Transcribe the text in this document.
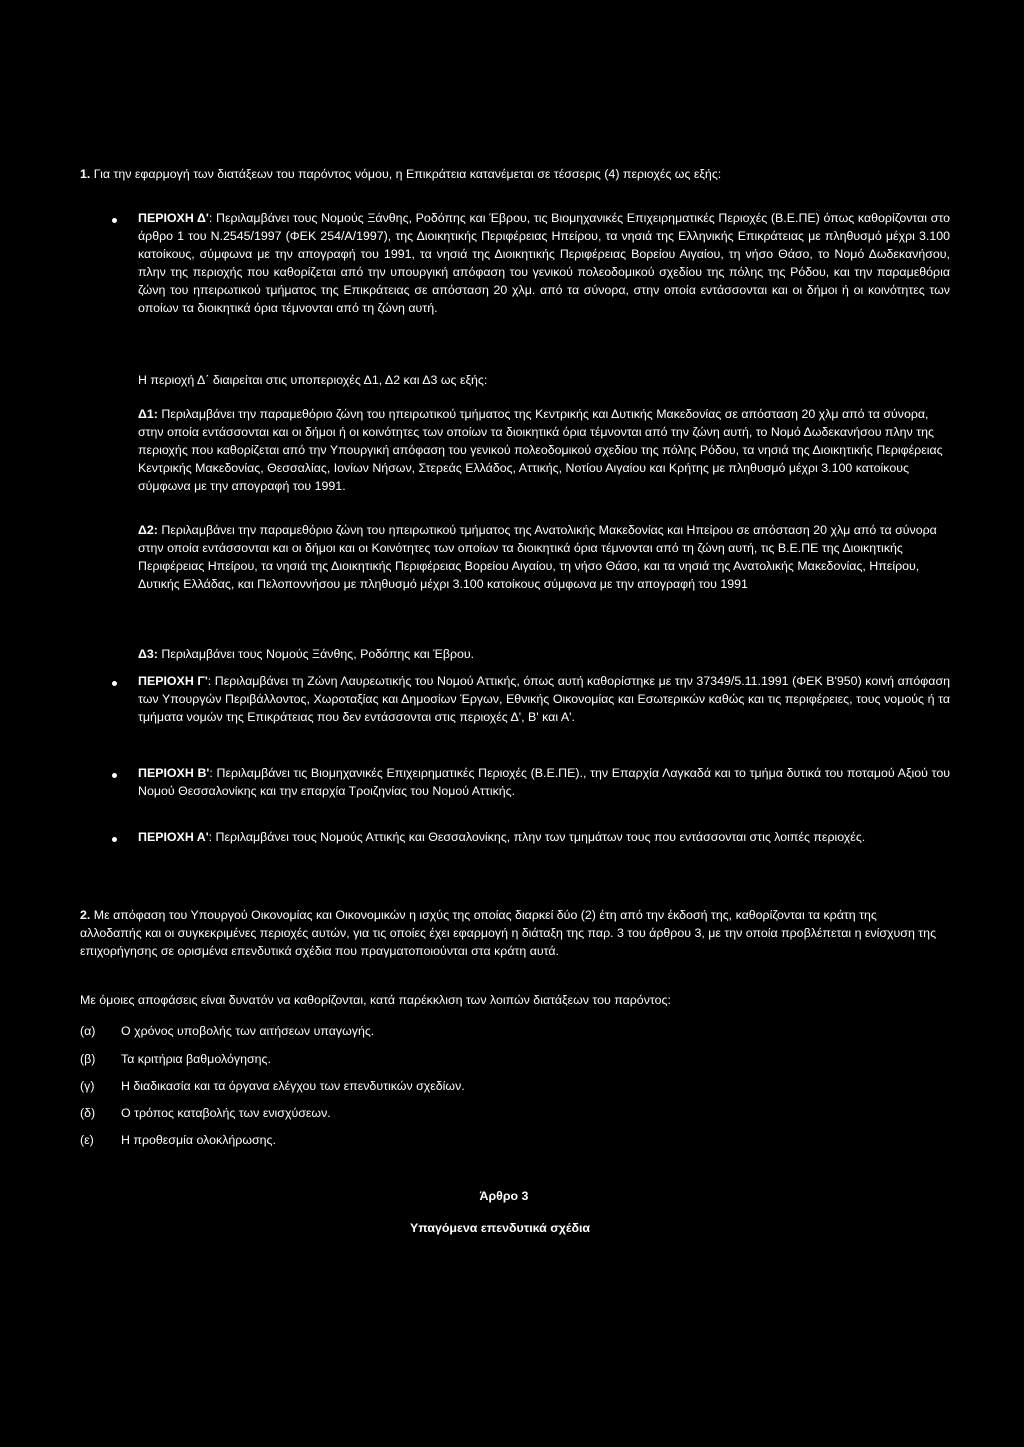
1. Για την εφαρμογή των διατάξεων του παρόντος νόμου, η Επικράτεια κατανέμεται σε τέσσερις (4) περιοχές ως εξής:

ΠΕΡΙΟΧΗ Δ': Περιλαμβάνει τους Νομούς Ξάνθης, Ροδόπης και Έβρου, τις Βιομηχανικές Επιχειρηματικές Περιοχές (Β.Ε.ΠΕ) όπως καθορίζονται στο άρθρο 1 του Ν.2545/1997 (ΦΕΚ 254/Α/1997), της Διοικητικής Περιφέρειας Ηπείρου, τα νησιά της Ελληνικής Επικράτειας με πληθυσμό μέχρι 3.100 κατοίκους, σύμφωνα με την απογραφή του 1991, τα νησιά της Διοικητικής Περιφέρειας Βορείου Αιγαίου, τη νήσο Θάσο, το Νομό Δωδεκανήσου, πλην της περιοχής που καθορίζεται από την υπουργική απόφαση του γενικού πολεοδομικού σχεδίου της πόλης της Ρόδου, και την παραμεθόρια ζώνη του ηπειρωτικού τμήματος της Επικράτειας σε απόσταση 20 χλμ. από τα σύνορα, στην οποία εντάσσονται και οι δήμοι ή οι κοινότητες των οποίων τα διοικητικά όρια τέμνονται από τη ζώνη αυτή.

Η περιοχή Δ΄ διαιρείται στις υποπεριοχές Δ1, Δ2 και Δ3 ως εξής:

Δ1: Περιλαμβάνει την παραμεθόριο ζώνη του ηπειρωτικού τμήματος της Κεντρικής και Δυτικής Μακεδονίας σε απόσταση 20 χλμ από τα σύνορα, στην οποία εντάσσονται και οι δήμοι ή οι κοινότητες των οποίων τα διοικητικά όρια τέμνονται από την ζώνη αυτή, το Νομό Δωδεκανήσου πλην της περιοχής που καθορίζεται από την Υπουργική απόφαση του γενικού πολεοδομικού σχεδίου της πόλης Ρόδου, τα νησιά της Διοικητικής Περιφέρειας Κεντρικής Μακεδονίας, Θεσσαλίας, Ιονίων Νήσων, Στερεάς Ελλάδος, Αττικής, Νοτίου Αιγαίου και Κρήτης με πληθυσμό μέχρι 3.100 κατοίκους σύμφωνα με την απογραφή του 1991.

Δ2: Περιλαμβάνει την παραμεθόριο ζώνη του ηπειρωτικού τμήματος της Ανατολικής Μακεδονίας και Ηπείρου σε απόσταση 20 χλμ από τα σύνορα στην οποία εντάσσονται και οι δήμοι και οι Κοινότητες των οποίων τα διοικητικά όρια τέμνονται από τη ζώνη αυτή, τις Β.Ε.ΠΕ της Διοικητικής Περιφέρειας Ηπείρου, τα νησιά της Διοικητικής Περιφέρειας Βορείου Αιγαίου, τη νήσο Θάσο, και τα νησιά της Ανατολικής Μακεδονίας, Ηπείρου, Δυτικής Ελλάδας, και Πελοποννήσου με πληθυσμό μέχρι 3.100 κατοίκους σύμφωνα με την απογραφή του 1991

Δ3: Περιλαμβάνει τους Νομούς Ξάνθης, Ροδόπης και Έβρου.

ΠΕΡΙΟΧΗ Γ': Περιλαμβάνει τη Ζώνη Λαυρεωτικής του Νομού Αττικής, όπως αυτή καθορίστηκε με την 37349/5.11.1991 (ΦΕΚ Β'950) κοινή απόφαση των Υπουργών Περιβάλλοντος, Χωροταξίας και Δημοσίων Έργων, Εθνικής Οικονομίας και Εσωτερικών καθώς και τις περιφέρειες, τους νομούς ή τα τμήματα νομών της Επικράτειας που δεν εντάσσονται στις περιοχές Δ', Β' και Α'.

ΠΕΡΙΟΧΗ Β': Περιλαμβάνει τις Βιομηχανικές Επιχειρηματικές Περιοχές (Β.Ε.ΠΕ)., την Επαρχία Λαγκαδά και το τμήμα δυτικά του ποταμού Αξιού του Νομού Θεσσαλονίκης και την επαρχία Τροιζηνίας του Νομού Αττικής.

ΠΕΡΙΟΧΗ Α': Περιλαμβάνει τους Νομούς Αττικής και Θεσσαλονίκης, πλην των τμημάτων τους που εντάσσονται στις λοιπές περιοχές.

2. Με απόφαση του Υπουργού Οικονομίας και Οικονομικών η ισχύς της οποίας διαρκεί δύο (2) έτη από την έκδοσή της, καθορίζονται τα κράτη της αλλοδαπής και οι συγκεκριμένες περιοχές αυτών, για τις οποίες έχει εφαρμογή η διάταξη της παρ. 3 του άρθρου 3, με την οποία προβλέπεται η ενίσχυση της επιχορήγησης σε ορισμένα επενδυτικά σχέδια που πραγματοποιούνται στα κράτη αυτά.

Με όμοιες αποφάσεις είναι δυνατόν να καθορίζονται, κατά παρέκκλιση των λοιπών διατάξεων του παρόντος:

(α) Ο χρόνος υποβολής των αιτήσεων υπαγωγής.
(β) Τα κριτήρια βαθμολόγησης.
(γ) Η διαδικασία και τα όργανα ελέγχου των επενδυτικών σχεδίων.
(δ) Ο τρόπος καταβολής των ενισχύσεων.
(ε) Η προθεσμία ολοκλήρωσης.
Άρθρο 3
Υπαγόμενα επενδυτικά σχέδια
